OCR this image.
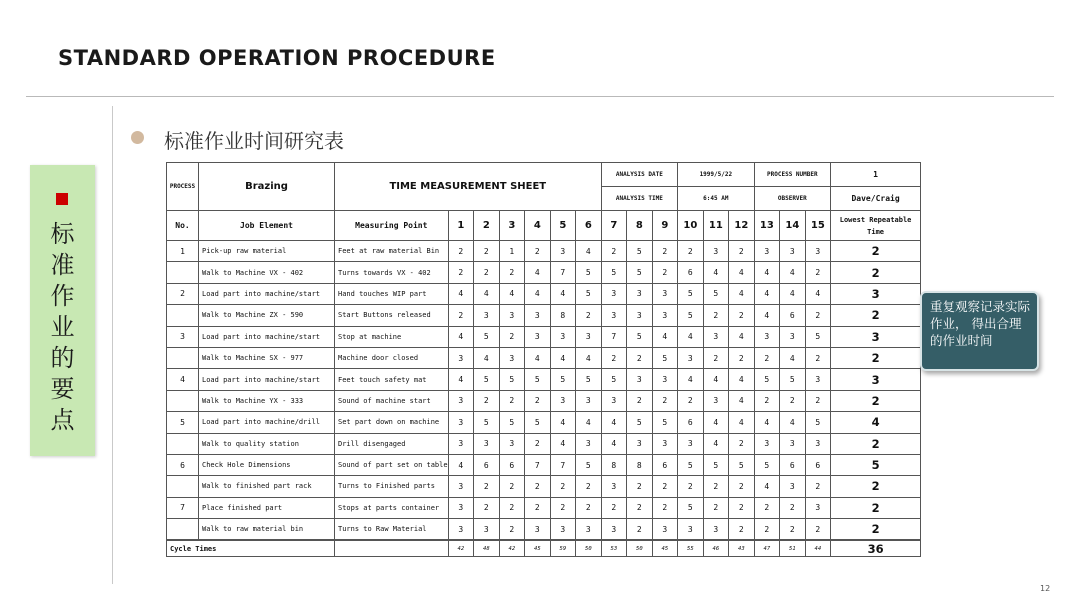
STANDARD OPERATION PROCEDURE
标
准
作
业
的
要
点
标准作业时间研究表
PROCESS	Brazing	TIME MEASUREMENT SHEET							ANALYSIS DATE			1999/5/22			PROCESS NUMBER			1
									ANALYSIS TIME			6:45 AM			OBSERVER			Dave/Craig
No.	Job Element	Measuring Point	1	2	3	4	5	6	7	8	9	10	11	12	13	14	15	Lowest Repeatable Time
1	Pick-up raw material	Feet at raw material Bin	2	2	1	2	3	4	2	5	2	2	3	2	3	3	3	2
	Walk to Machine VX - 402	Turns towards VX - 402	2	2	2	4	7	5	5	5	2	6	4	4	4	4	2	2
2	Load part into machine/start	Hand touches WIP part	4	4	4	4	4	5	3	3	3	5	5	4	4	4	4	3
	Walk to Machine ZX - 590	Start Buttons released	2	3	3	3	8	2	3	3	3	5	2	2	4	6	2	2
3	Load part into machine/start	Stop at machine	4	5	2	3	3	3	7	5	4	4	3	4	3	3	5	3
	Walk to Machine SX - 977	Machine door closed	3	4	3	4	4	4	2	2	5	3	2	2	2	4	2	2
4	Load part into machine/start	Feet touch safety mat	4	5	5	5	5	5	5	3	3	4	4	4	5	5	3	3
	Walk to Machine YX - 333	Sound of machine start	3	2	2	2	3	3	3	2	2	2	3	4	2	2	2	2
5	Load part into machine/drill	Set part down on machine	3	5	5	5	4	4	4	5	5	6	4	4	4	4	5	4
	Walk to quality station	Drill disengaged	3	3	3	2	4	3	4	3	3	3	4	2	3	3	3	2
6	Check Hole Dimensions	Sound of part set on table	4	6	6	7	7	5	8	8	6	5	5	5	5	6	6	5
	Walk to finished part rack	Turns to Finished parts	3	2	2	2	2	2	3	2	2	2	2	2	4	3	2	2
7	Place finished part	Stops at parts container	3	2	2	2	2	2	2	2	2	5	2	2	2	2	3	2
	Walk to raw material bin	Turns to Raw Material	3	3	2	3	3	3	3	2	3	3	3	2	2	2	2	2
Cycle Times			42	48	42	45	59	50	53	50	45	55	46	43	47	51	44	36
重复观察记录实际作业， 得出合理的作业时间
12
